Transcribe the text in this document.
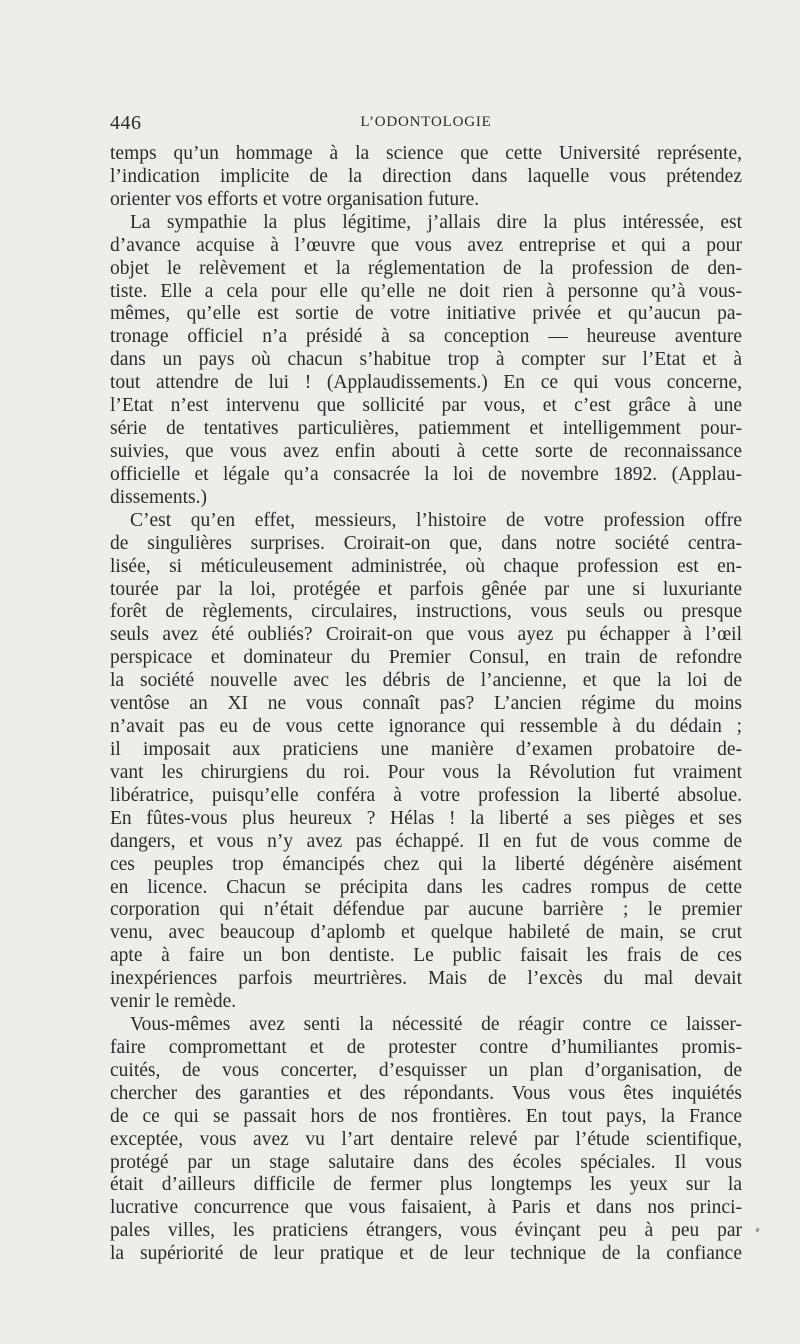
446	L’ODONTOLOGIE
temps qu’un hommage à la science que cette Université représente,
l’indication implicite de la direction dans laquelle vous prétendez
orienter vos efforts et votre organisation future.
La sympathie la plus légitime, j’allais dire la plus intéressée, est
d’avance acquise à l’œuvre que vous avez entreprise et qui a pour
objet le relèvement et la réglementation de la profession de den-
tiste. Elle a cela pour elle qu’elle ne doit rien à personne qu’à vous-
mêmes, qu’elle est sortie de votre initiative privée et qu’aucun pa-
tronage officiel n’a présidé à sa conception — heureuse aventure
dans un pays où chacun s’habitue trop à compter sur l’Etat et à
tout attendre de lui ! (Applaudissements.) En ce qui vous concerne,
l’Etat n’est intervenu que sollicité par vous, et c’est grâce à une
série de tentatives particulières, patiemment et intelligemment pour-
suivies, que vous avez enfin abouti à cette sorte de reconnaissance
officielle et légale qu’a consacrée la loi de novembre 1892. (Applau-
dissements.)
C’est qu’en effet, messieurs, l’histoire de votre profession offre
de singulières surprises. Croirait-on que, dans notre société centra-
lisée, si méticuleusement administrée, où chaque profession est en-
tourée par la loi, protégée et parfois gênée par une si luxuriante
forêt de règlements, circulaires, instructions, vous seuls ou presque
seuls avez été oubliés? Croirait-on que vous ayez pu échapper à l’œil
perspicace et dominateur du Premier Consul, en train de refondre
la société nouvelle avec les débris de l’ancienne, et que la loi de
ventôse an XI ne vous connaît pas? L’ancien régime du moins
n’avait pas eu de vous cette ignorance qui ressemble à du dédain ;
il imposait aux praticiens une manière d’examen probatoire de-
vant les chirurgiens du roi. Pour vous la Révolution fut vraiment
libératrice, puisqu’elle conféra à votre profession la liberté absolue.
En fûtes-vous plus heureux ? Hélas ! la liberté a ses pièges et ses
dangers, et vous n’y avez pas échappé. Il en fut de vous comme de
ces peuples trop émancipés chez qui la liberté dégénère aisément
en licence. Chacun se précipita dans les cadres rompus de cette
corporation qui n’était défendue par aucune barrière ; le premier
venu, avec beaucoup d’aplomb et quelque habileté de main, se crut
apte à faire un bon dentiste. Le public faisait les frais de ces
inexpériences parfois meurtrières. Mais de l’excès du mal devait
venir le remède.
Vous-mêmes avez senti la nécessité de réagir contre ce laisser-
faire compromettant et de protester contre d’humiliantes promis-
cuités, de vous concerter, d’esquisser un plan d’organisation, de
chercher des garanties et des répondants. Vous vous êtes inquiétés
de ce qui se passait hors de nos frontières. En tout pays, la France
exceptée, vous avez vu l’art dentaire relevé par l’étude scientifique,
protégé par un stage salutaire dans des écoles spéciales. Il vous
était d’ailleurs difficile de fermer plus longtemps les yeux sur la
lucrative concurrence que vous faisaient, à Paris et dans nos princi-
pales villes, les praticiens étrangers, vous évinçant peu à peu par
la supériorité de leur pratique et de leur technique de la confiance
